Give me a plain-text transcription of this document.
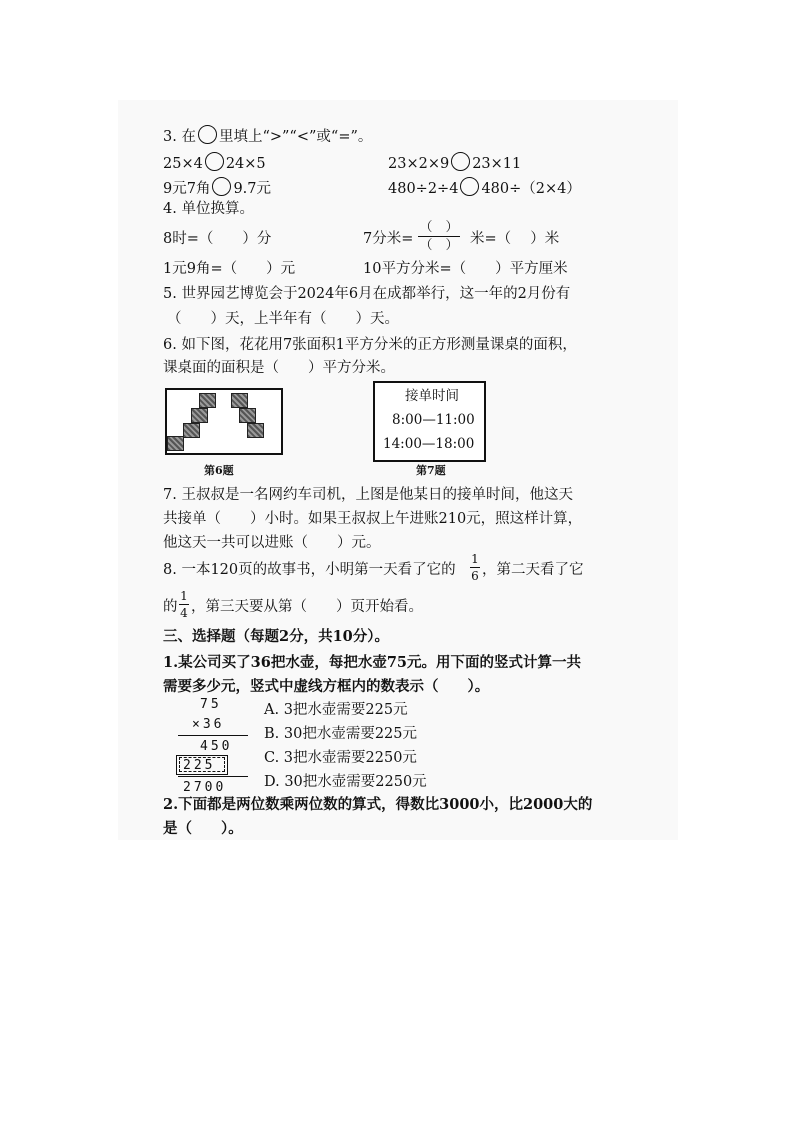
3. 在 里填上“>”“<”或“=”。
25×4 24×5	23×2×9 23×11
9元7角 9.7元	480÷2÷4 480÷（2×4）
4. 单位换算。
8时=（　　）分	7分米=
（　）
（　） 米=（　 ）米
1元9角=（　　）元	10平方分米=（　　）平方厘米
5. 世界园艺博览会于2024年6月在成都举行，这一年的2月份有
（　　）天，上半年有（　　）天。
6. 如下图，花花用7张面积1平方分米的正方形测量课桌的面积，
课桌面的面积是（　　）平方分米。
第6题
接单时间
8:00—11:00
14:00—18:00
第7题
7. 王叔叔是一名网约车司机，上图是他某日的接单时间，他这天
共接单（　　）小时。如果王叔叔上午进账210元，照这样计算，
他这天一共可以进账（　　）元。
8. 一本120页的故事书，小明第一天看了它的
1
6 ，第二天看了它
的
1
4 ，第三天要从第（　　）页开始看。
三、选择题（每题2分，共10分）。
1.某公司买了36把水壶，每把水壶75元。用下面的竖式计算一共
需要多少元，竖式中虚线方框内的数表示（　　）。
75
×36
450
225
2700
A. 3把水壶需要225元
B. 30把水壶需要225元
C. 3把水壶需要2250元
D. 30把水壶需要2250元
2.下面都是两位数乘两位数的算式，得数比3000小，比2000大的
是（　　）。
